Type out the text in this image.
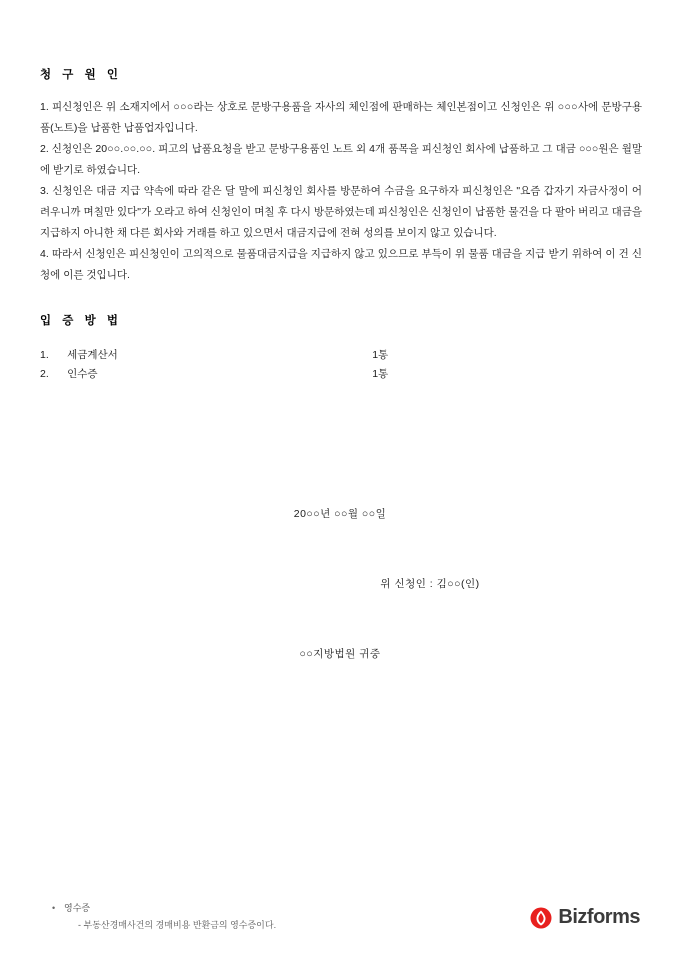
청 구 원 인

1. 피신청인은 위 소재지에서 ○○○라는 상호로 문방구용품을 자사의 체인점에 판매하는 체인본점이고 신청인은 위 ○○○사에 문방구용품(노트)을 납품한 납품업자입니다.

2. 신청인은 20○○.○○.○○. 피고의 납품요청을 받고 문방구용품인 노트 외 4개 품목을 피신청인 회사에 납품하고 그 대금 ○○○원은 월말에 받기로 하였습니다.

3. 신청인은 대금 지급 약속에 따라 같은 달 말에 피신청인 회사를 방문하여 수금을 요구하자 피신청인은 "요즘 갑자기 자금사정이 어려우니까 며칠만 있다"가 오라고 하여 신청인이 며칠 후 다시 방문하였는데 피신청인은 신청인이 납품한 물건을 다 팔아 버리고 대금을 지급하지 아니한 채 다른 회사와 거래를 하고 있으면서 대금지급에 전혀 성의를 보이지 않고 있습니다.

4. 따라서 신청인은 피신청인이 고의적으로 물품대금지급을 지급하지 않고 있으므로 부득이 위 물품 대금을 지급 받기 위하여 이 건 신청에 이른 것입니다.

입 증 방 법
1.	세금계산서	1통
2.	인수증	1통
20○○년 ○○월 ○○일
위 신청인 : 김○○(인)
○○지방법원 귀중
• 영수증
- 부동산경매사건의 경매비용 반환금의 영수증이다.	Bizforms
